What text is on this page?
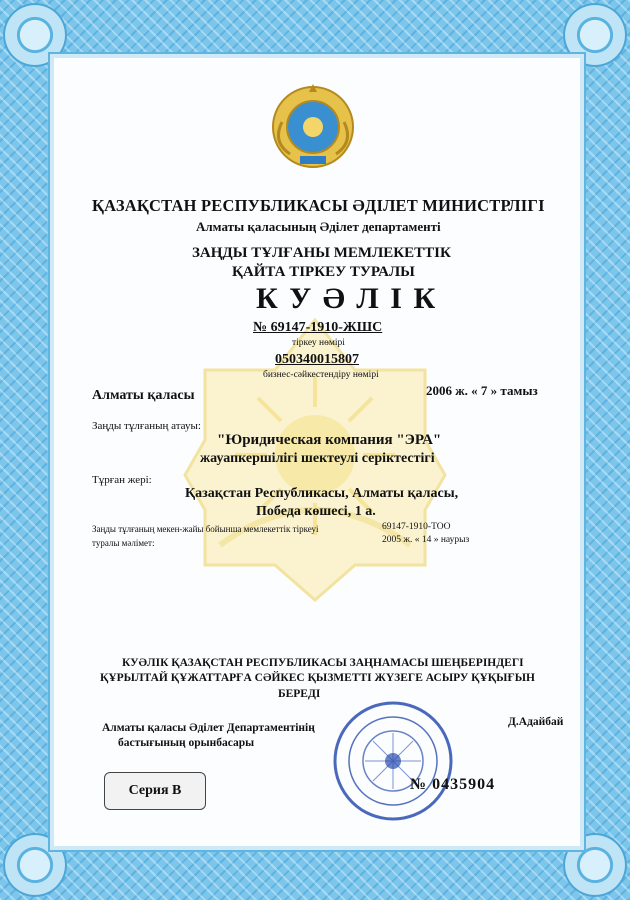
ҚАЗАҚСТАН РЕСПУБЛИКАСЫ ӘДІЛЕТ МИНИСТРЛІГІ
Алматы қаласының Әділет департаменті
ЗАҢДЫ ТҰЛҒАНЫ МЕМЛЕКЕТТІК
ҚАЙТА ТІРКЕУ ТУРАЛЫ
К У Ә Л І К
№ 69147-1910-ЖШС
тіркеу нөмірі
050340015807
бизнес-сәйкестендіру нөмірі
Алматы қаласы	2006 ж. « 7 » тамыз
Заңды тұлғаның атауы:
"Юридическая компания "ЭРА"
жауапкершілігі шектеулі серіктестігі
Тұрған жері:
Қазақстан Республикасы, Алматы қаласы,
Победа көшесі, 1 а.
Заңды тұлғаның мекен-жайы бойынша мемлекеттік тіркеуі
туралы мәлімет:
69147-1910-ТОО
2005 ж. « 14 » наурыз
КУӘЛІК ҚАЗАҚСТАН РЕСПУБЛИКАСЫ ЗАҢНАМАСЫ ШЕҢБЕРІНДЕГІ
ҚҰРЫЛТАЙ ҚҰЖАТТАРҒА СӘЙКЕС ҚЫЗМЕТТІ ЖҮЗЕГЕ АСЫРУ ҚҰҚЫҒЫН
БЕРЕДІ
Алматы қаласы Әділет Департаментінің
бастығының орынбасары
Д.Адайбай
Серия В	№ 0435904
